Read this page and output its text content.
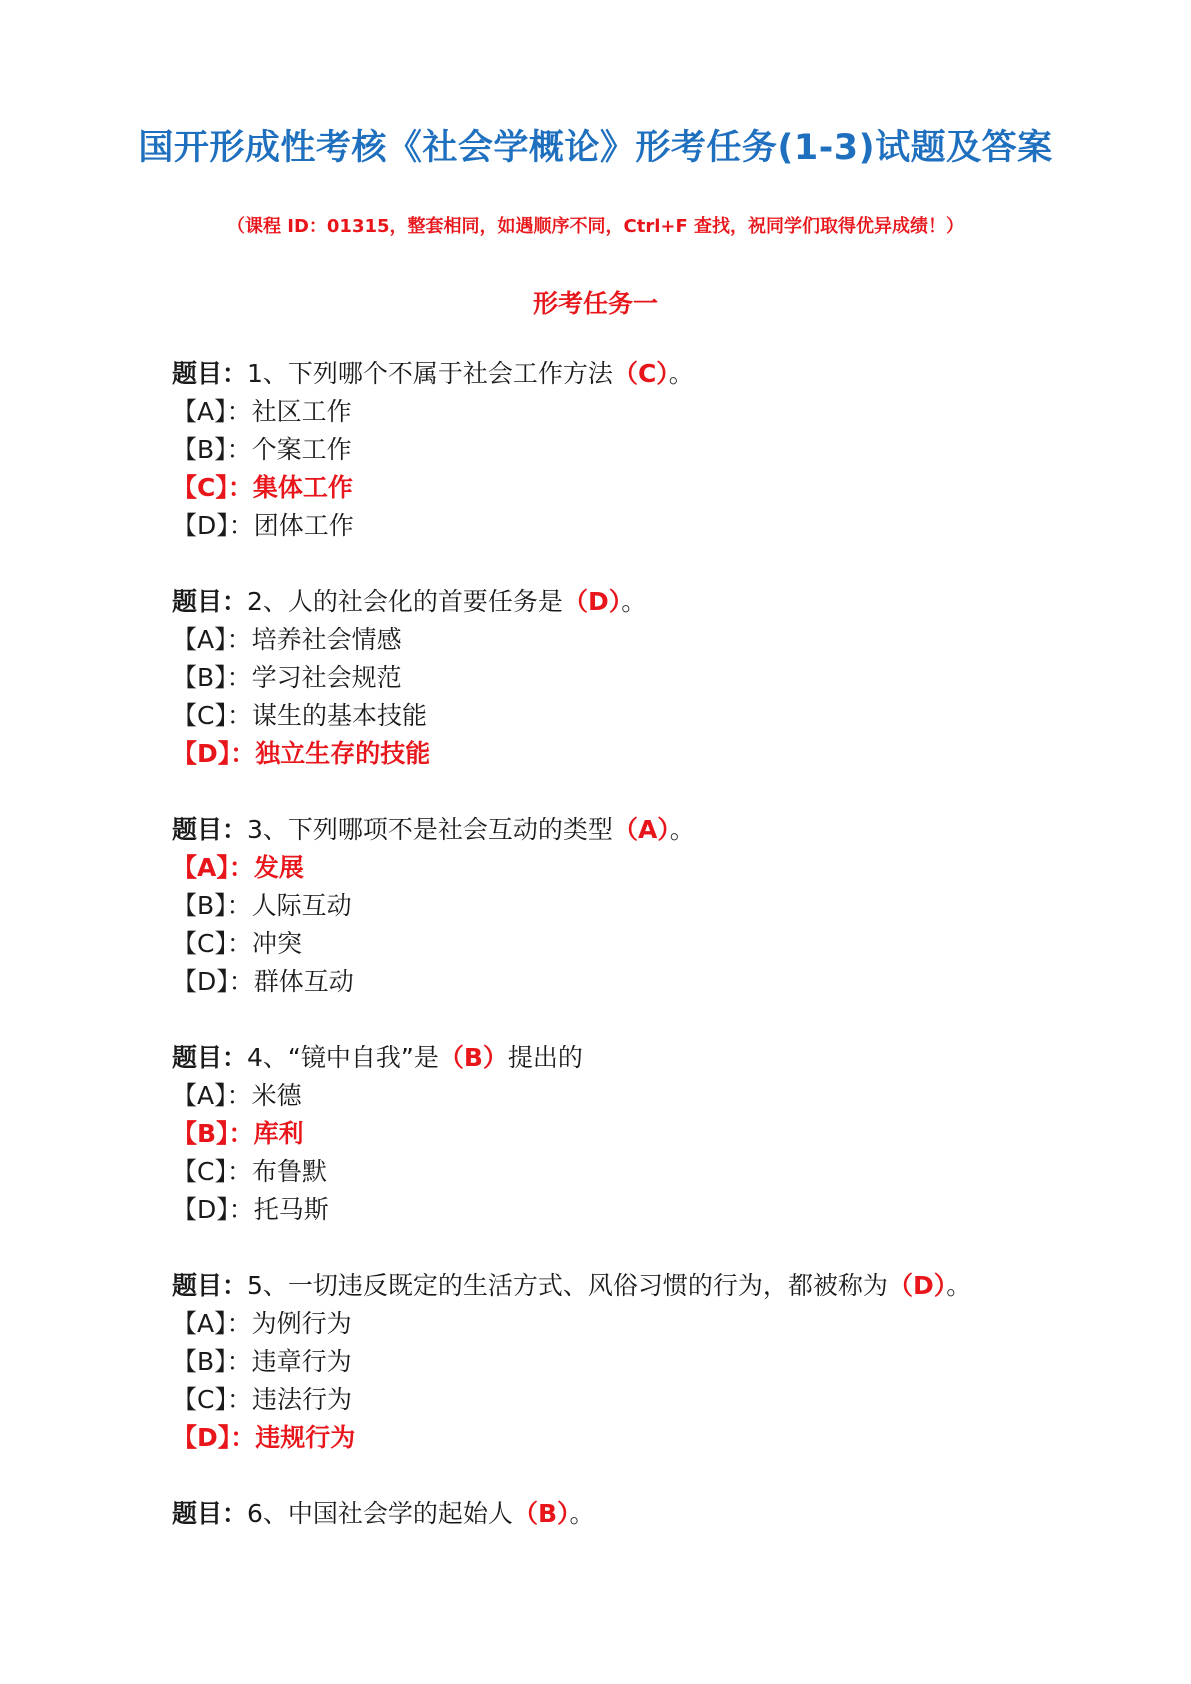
国开形成性考核《社会学概论》形考任务(1-3)试题及答案

（课程 ID：01315，整套相同，如遇顺序不同，Ctrl+F 查找，祝同学们取得优异成绩！）

形考任务一
题目：1、下列哪个不属于社会工作方法（C）。
【A】：社区工作
【B】：个案工作
【C】：集体工作
【D】：团体工作
题目：2、人的社会化的首要任务是（D）。
【A】：培养社会情感
【B】：学习社会规范
【C】：谋生的基本技能
【D】：独立生存的技能
题目：3、下列哪项不是社会互动的类型（A）。
【A】：发展
【B】：人际互动
【C】：冲突
【D】：群体互动
题目：4、“镜中自我”是（B）提出的
【A】：米德
【B】：库利
【C】：布鲁默
【D】：托马斯
题目：5、一切违反既定的生活方式、风俗习惯的行为，都被称为（D）。
【A】：为例行为
【B】：违章行为
【C】：违法行为
【D】：违规行为
题目：6、中国社会学的起始人（B）。
